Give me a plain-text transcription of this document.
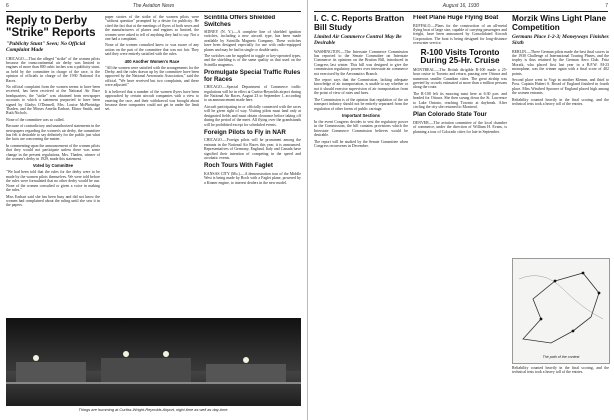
6	The Aviation News
Reply to Derby "Strike" Reports
"Publicity Stunt" Seen; No Official Complaint Made

CHICAGO.—That the alleged "strike" of the women pilots because the transcontinental air derby was limited to engines of more than 800 cubic inches was a publicity stunt, as held by the committee in charge of the race, is the opinion of officials in charge of the 1930 National Air Races.

No official complaint from the women seems to have been received, has been received at the National Air Race headquarters, the "strike" was obtained from newspaper accounts to which a statement purported to have been signed by Gladys O'Donnell, Mrs. Louise McPhetridge Thaden, and the Misses Amelia Earhart, Elinor Smith, and Ruth Nichols.

None of the committee was so called.

Because of contradictory and unauthorized statements in the newspapers regarding the women's air derby, the committee has felt it desirable to say definitely for the public just what the facts are concerning the matter.

In commenting upon the announcement of the women pilots that they would not participate unless there was some change in the present regulations, Mrs. Thaden, winner of the women's derby in 1929, made this statement.

Voted by Committee

"We had been told that the rules for the derby were to be made by the women pilots themselves. We were told before the rules were formulated that no other derby would be run. None of the women consulted or given a voice in making the rules."

Miss Earhart said she has been busy and did not know the women had complained about the ruling until she saw it in the papers.

paper stories of the strike of the women pilots were "without question" prompted by a desire for publicity. He cited the fact that at the meetings of flyers of both sexes and the manufacturers of planes and engines so limited, the women were asked to tell of anything they had to say. Not a one had a complaint.

None of the women consulted knew or was aware of any action on the part of the committee that was not fair. They said they were entirely satisfied with the rules.

400 Another Women's Race

"All the women were satisfied with the arrangements for the Derby, and the rules drawn up by the committee have been approved by the National Aeronautic Association," said the official. "We have received but two complaints, and these were adjusted."

It is believed that a number of the women flyers have been approached by certain aircraft companies with a view to entering the race, and their withdrawal was brought about because these companies could not get in under the limit set.

Scintilla Offers Shielded Switches

SIDNEY (N. Y.).—A complete line of shielded ignition switches, including a new aircraft type, has been made available by Scintilla Magneto Company. These switches have been designed especially for use with radio-equipped planes and may be had in single or double units.

The switches can be supplied in toggle or key-operated types, and the shielding is of the same quality as that used on the Scintilla magnetos.

Promulgate Special Traffic Rules for Races

CHICAGO.—Special Department of Commerce traffic regulations will be in effect at Curtiss-Reynolds airport during the National Air Races, August 23 to September 1, according to an announcement made here.

Aircraft participating in or officially connected with the races will be given right of way. Visiting pilots must land only at designated fields and must obtain clearance before taking off during the period of the meet. All flying over the grandstands will be prohibited except for scheduled events.

Foreign Pilots to Fly in NAR

CHICAGO.—Foreign pilots will be prominent among the entrants in the National Air Races this year, it is announced. Representatives of Germany, England, Italy and Canada have signified their intention of competing in the speed and acrobatic events.

Roch Tours With Faglet

KANSAS CITY (Mo.).—A demonstration tour of the Middle West is being made by Roch with a Faglet plane, powered by a Kinner engine, to interest dealers in the new model.

Things are humming at Curtiss-Wright-Reynolds Airport, night-time as well as day-time.
August 16, 1930	7
I. C. C. Reports Bratton Bill Study
Limited Air Commerce Control May Be Desirable

WASHINGTON.—The Interstate Commerce Commission has reported to the Senate Committee on Interstate Commerce its opinions on the Bratton Bill, introduced in Congress last winter. This bill was designed to give the commission regulatory powers over interstate air commerce not exercised by the Aeronautics Branch.

The report says that the Commission, lacking adequate knowledge of air transportation, is unable to say whether or not it should exercise supervision of air transportation from the point of view of rates and fares.

The Commission is of the opinion that regulation of the air transport industry should not be entirely separated from the regulation of other forms of public carriage.

Important Sections

In the event Congress decides to vest the regulatory power in the Commission, the bill contains provisions which the Interstate Commerce Commission believes would be desirable.

The report will be studied by the Senate Committee when Congress reconvenes in December.

Fleet Plane Huge Flying Boat

BUFFALO.—Plans for the construction of an all-metal flying boat of large size, capable of carrying passengers and freight, have been announced by Consolidated Aircraft Corporation. The boat is being designed for long-distance overwater service.

R-100 Visits Toronto During 25-Hr. Cruise

MONTREAL.—The British dirigible R-100 made a 25-hour cruise to Toronto and return, passing over Ottawa and numerous smaller Canadian cities. The great airship was greeted by crowds estimated at more than a million persons along the route.

The R-100 left its mooring mast here at 6:30 p.m. and headed for Ottawa. She then swung down the St. Lawrence to Lake Ontario, reaching Toronto at daybreak. After circling the city she returned to Montreal.

Plan Colorado State Tour

DENVER.—The aviation committee of the local chamber of commerce, under the direction of William H. Evans, is planning a tour of Colorado cities for late in September.

Morzik Wins Light Plane Competition
Germans Place 1-2-3; Moneyways Finishes Sixth

BERLIN.—Three German pilots made the best final scores in the 1930 Challenge of International Touring Planes, and the trophy is thus retained by the German Aero Club. Fritz Morzik, who placed first last year in a B.F.W. M-23 monoplane, was the winner again with a final score of 402 points.

Second place went to Vogt in another Klemm, and third to Poss. Captain Hubert S. Broad of England finished in fourth place. Miss Winifred Spooner of England placed high among the women entrants.

Reliability counted heavily in the final scoring, and the technical tests took a heavy toll of the entries.

The path of the contest

Reliability counted heavily in the final scoring, and the technical tests took a heavy toll of the entries.
